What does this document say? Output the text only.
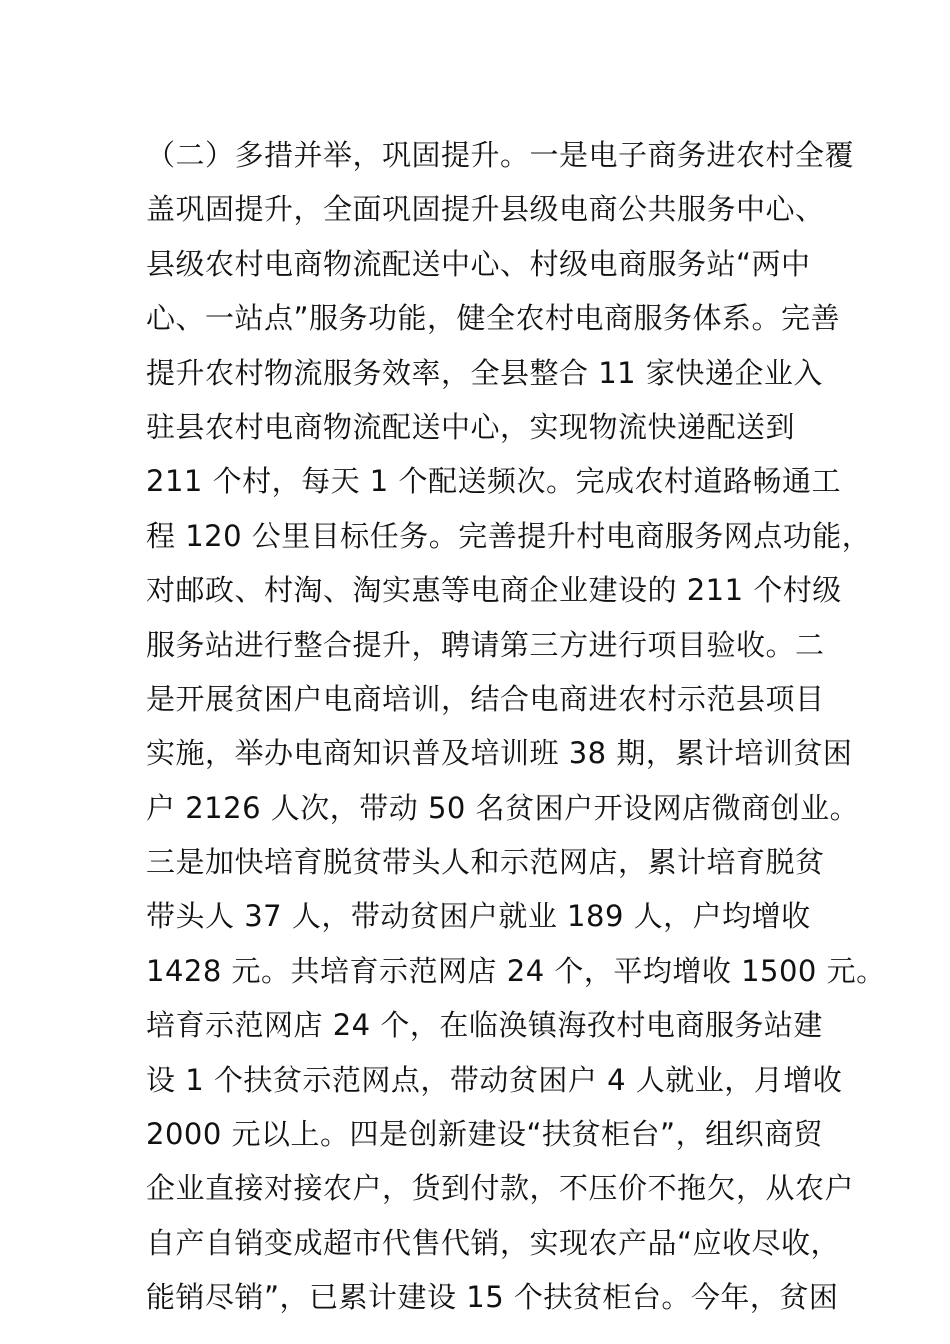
（二）多措并举，巩固提升。一是电子商务进农村全覆
盖巩固提升，全面巩固提升县级电商公共服务中心、
县级农村电商物流配送中心、村级电商服务站“两中
心、一站点”服务功能，健全农村电商服务体系。完善
提升农村物流服务效率，全县整合 11 家快递企业入
驻县农村电商物流配送中心，实现物流快递配送到
211 个村，每天 1 个配送频次。完成农村道路畅通工
程 120 公里目标任务。完善提升村电商服务网点功能，
对邮政、村淘、淘实惠等电商企业建设的 211 个村级
服务站进行整合提升，聘请第三方进行项目验收。二
是开展贫困户电商培训，结合电商进农村示范县项目
实施，举办电商知识普及培训班 38 期，累计培训贫困
户 2126 人次，带动 50 名贫困户开设网店微商创业。
三是加快培育脱贫带头人和示范网店，累计培育脱贫
带头人 37 人，带动贫困户就业 189 人，户均增收
1428 元。共培育示范网店 24 个，平均增收 1500 元。
培育示范网店 24 个，在临涣镇海孜村电商服务站建
设 1 个扶贫示范网点，带动贫困户 4 人就业，月增收
2000 元以上。四是创新建设“扶贫柜台”，组织商贸
企业直接对接农户，货到付款，不压价不拖欠，从农户
自产自销变成超市代售代销，实现农产品“应收尽收，
能销尽销”，已累计建设 15 个扶贫柜台。今年，贫困
